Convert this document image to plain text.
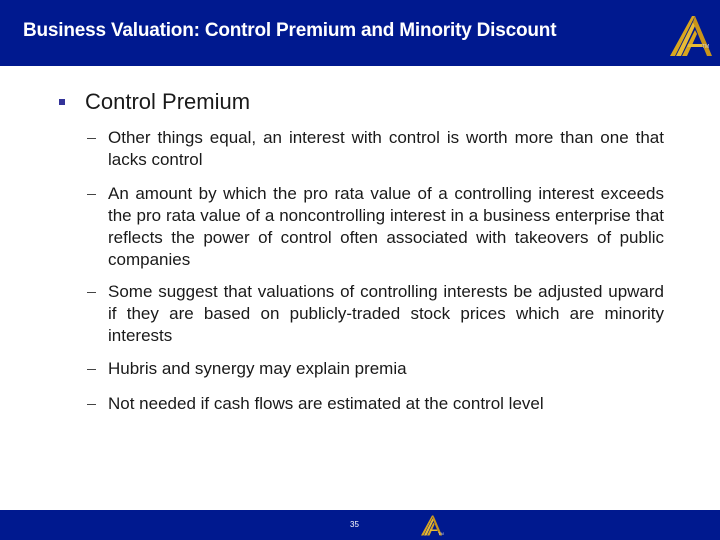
Business Valuation: Control Premium and Minority Discount
TM
Control Premium
Other things equal, an interest with control is worth more than one that lacks control
An amount by which the pro rata value of a controlling interest exceeds the pro rata value of a noncontrolling interest in a business enterprise that reflects the power of control often associated with takeovers of public companies
Some suggest that valuations of controlling interests be adjusted upward if they are based on publicly-traded stock prices which are minority interests
Hubris and synergy may explain premia
Not needed if cash flows are estimated at the control level
35
TM
